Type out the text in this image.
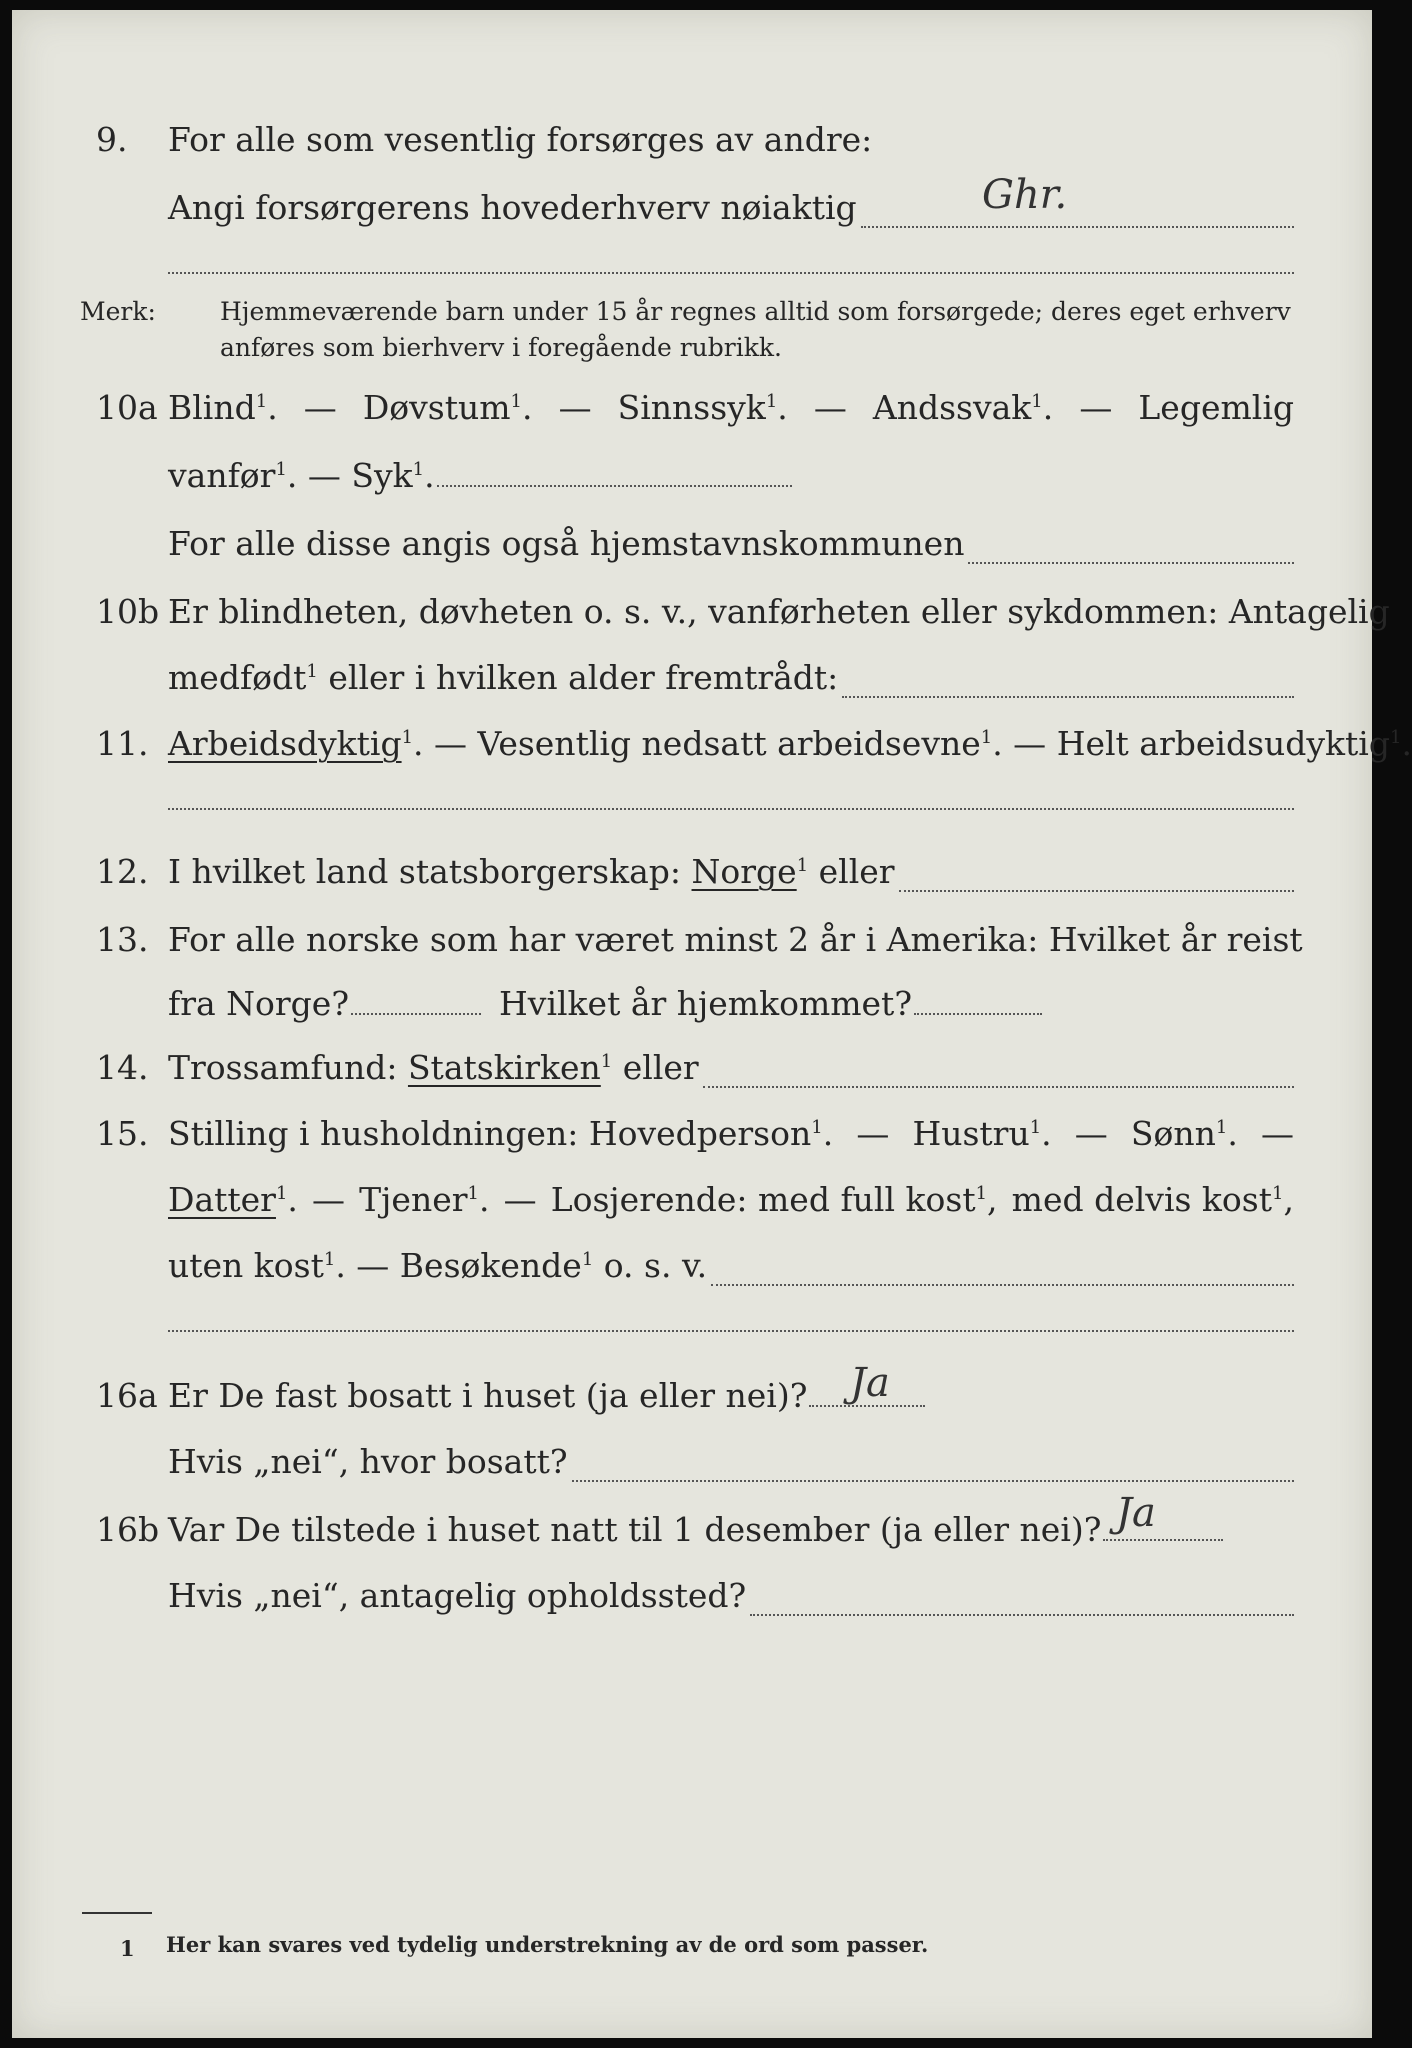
9. For alle som vesentlig forsørges av andre:
Angi forsørgerens hovederhverv nøiaktig	Ghr.
Merk:	Hjemmeværende barn under 15 år regnes alltid som forsørgede; deres eget erhverv
anføres som bierhverv i foregående rubrikk.
10a Blind$^1$. — Døvstum$^1$. — Sinnssyk$^1$. — Andssvak$^1$. — Legemlig
vanfør$^1$. — Syk$^1$.
For alle disse angis også hjemstavnskommunen
10b Er blindheten, døvheten o. s. v., vanførheten eller sykdommen: Antagelig
medfødt$^1$ eller i hvilken alder fremtrådt:
11. Arbeidsdyktig$^1$. — Vesentlig nedsatt arbeidsevne$^1$. — Helt arbeidsudyktig$^1$.
12. I hvilket land statsborgerskap: Norge$^1$ eller
13. For alle norske som har været minst 2 år i Amerika: Hvilket år reist
fra Norge?	Hvilket år hjemkommet?
14. Trossamfund: Statskirken$^1$ eller
15. Stilling i husholdningen: Hovedperson$^1$. — Hustru$^1$. — Sønn$^1$. —
Datter$^1$. — Tjener$^1$. — Losjerende: med full kost$^1$, med delvis kost$^1$,
uten kost$^1$. — Besøkende$^1$ o. s. v.
16a Er De fast bosatt i huset (ja eller nei)? Ja
Hvis „nei“, hvor bosatt?
16b Var De tilstede i huset natt til 1 desember (ja eller nei)? Ja
Hvis „nei“, antagelig opholdssted?
1 Her kan svares ved tydelig understrekning av de ord som passer.
